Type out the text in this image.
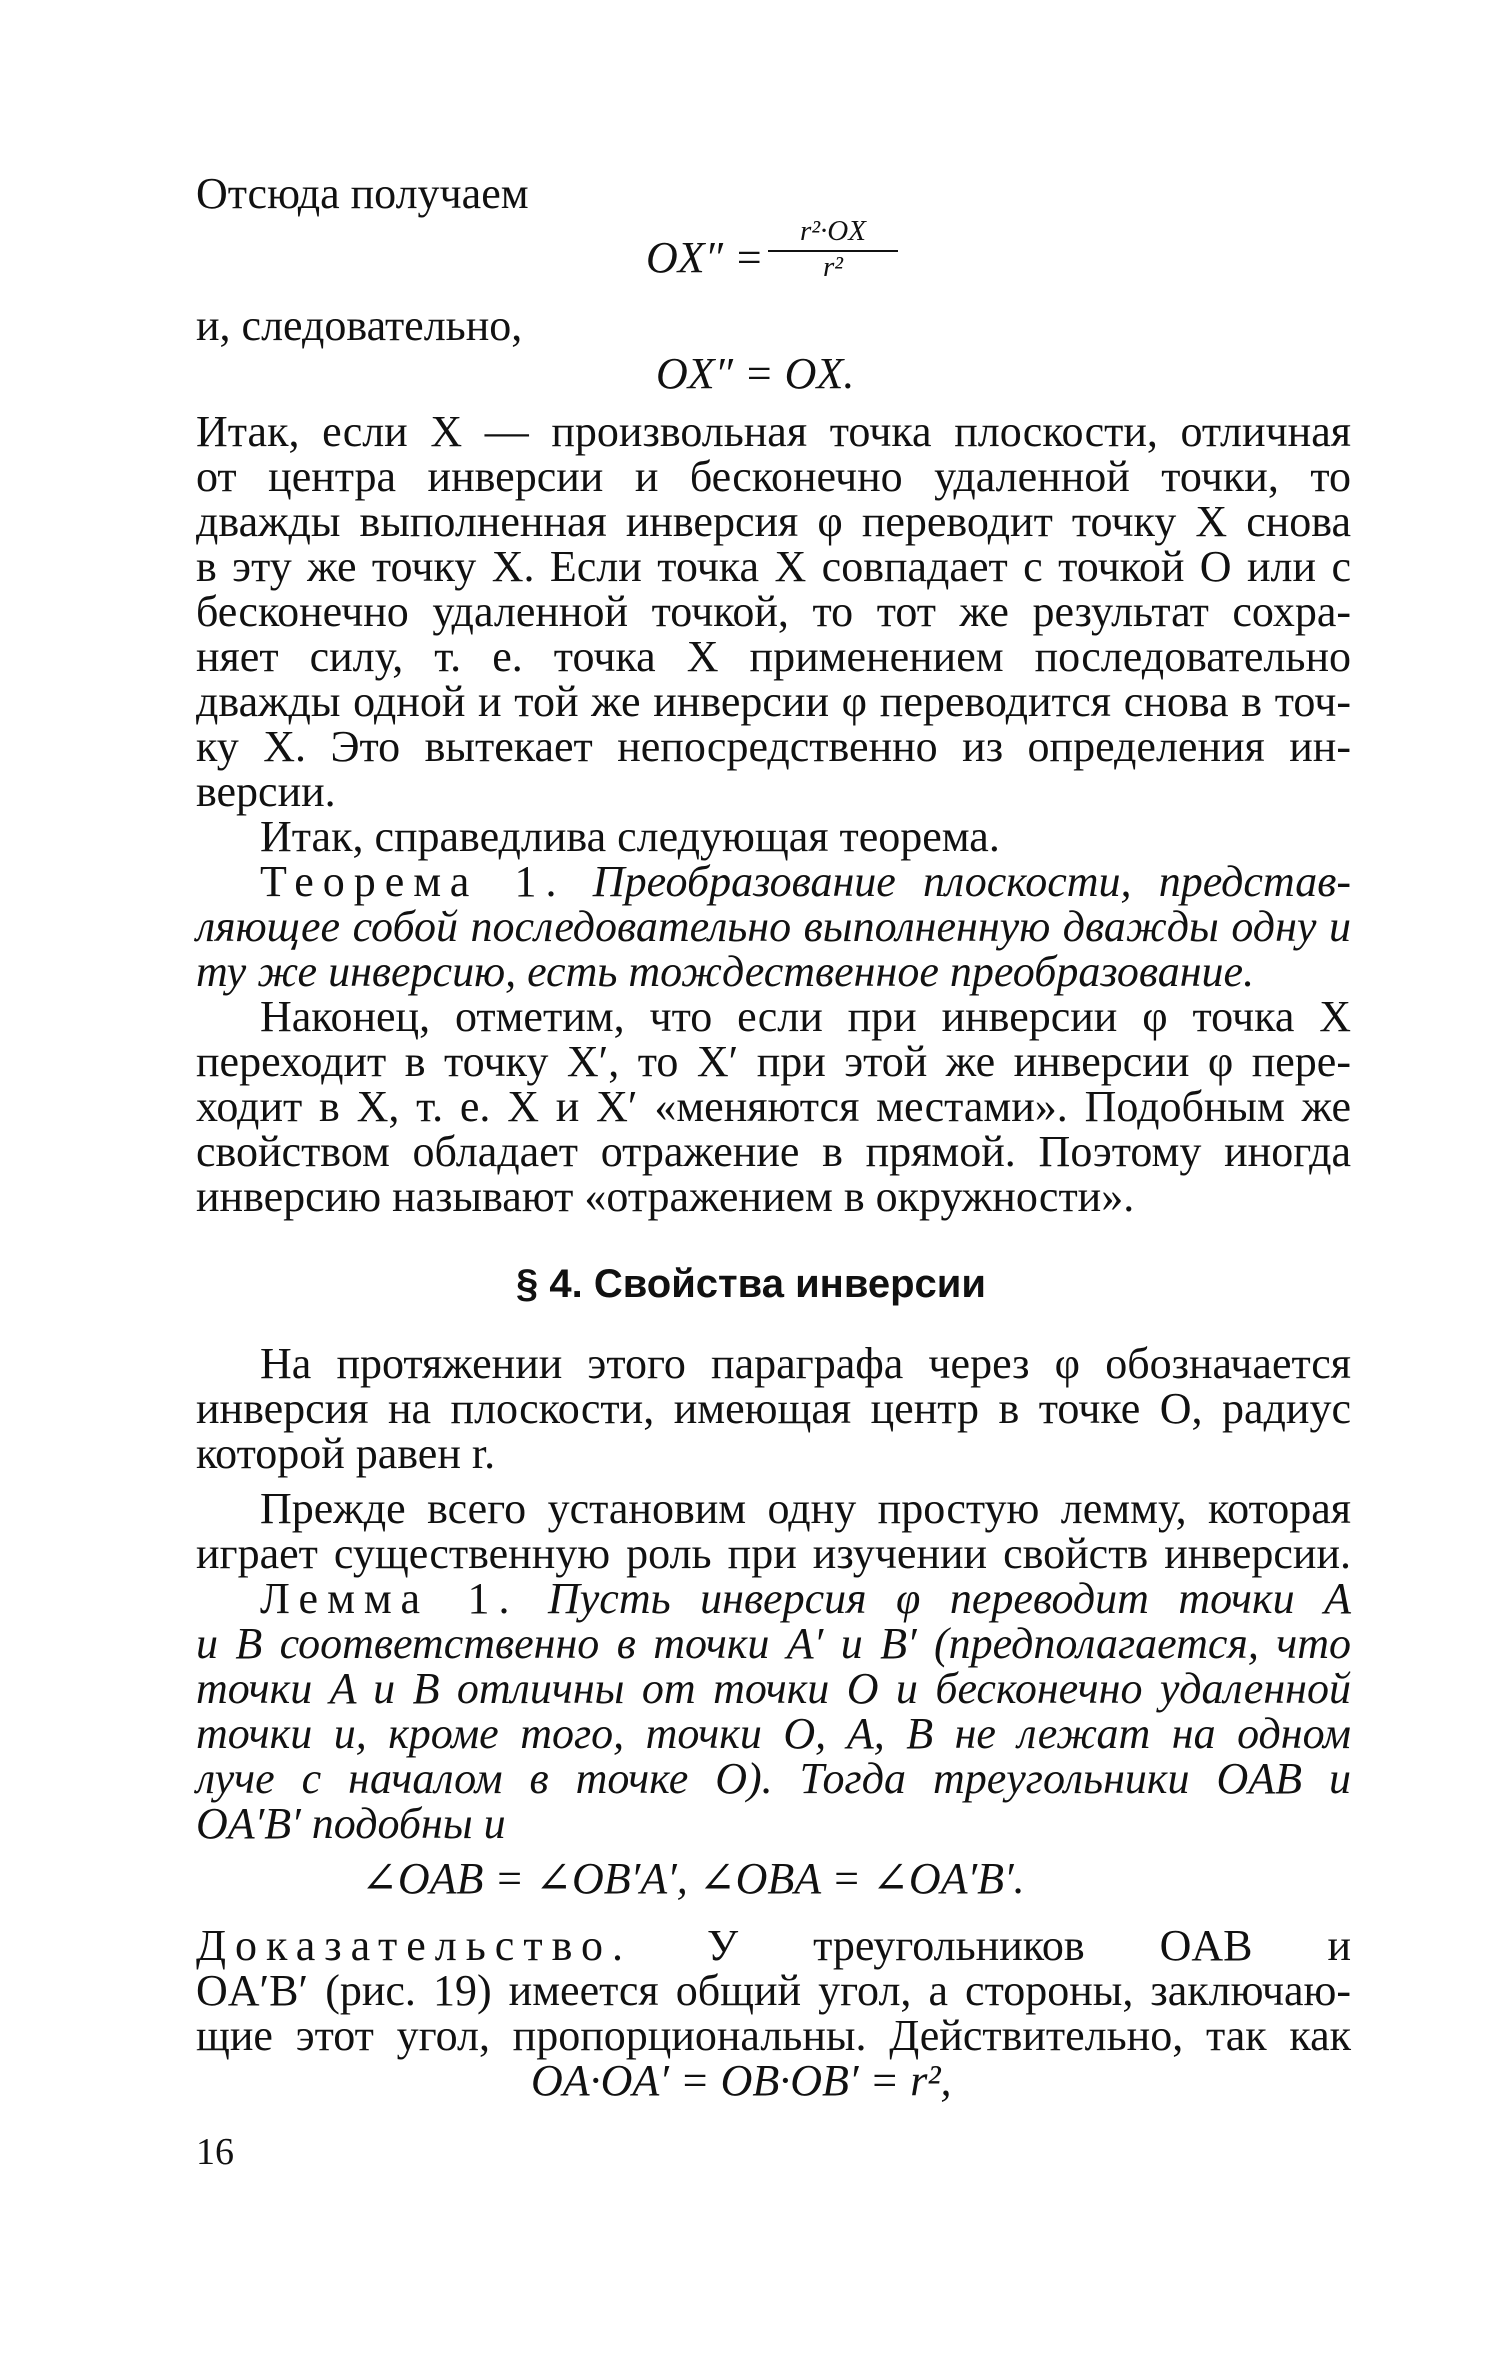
Отсюда получаем
OX″ =
r²·OX
r²
и, следовательно,
OX″ = OX.
Итак, если X — произвольная точка плоскости, отличная
от центра инверсии и бесконечно удаленной точки, то
дважды выполненная инверсия φ переводит точку X снова
в эту же точку X. Если точка X совпадает с точкой O или с
бесконечно удаленной точкой, то тот же результат сохра-
няет силу, т. е. точка X применением последовательно
дважды одной и той же инверсии φ переводится снова в точ-
ку X. Это вытекает непосредственно из определения ин-
версии.
Итак, справедлива следующая теорема.
Теорема 1. Преобразование плоскости, представ-
ляющее собой последовательно выполненную дважды одну и
ту же инверсию, есть тождественное преобразование.
Наконец, отметим, что если при инверсии φ точка X
переходит в точку X′, то X′ при этой же инверсии φ пере-
ходит в X, т. е. X и X′ «меняются местами». Подобным же
свойством обладает отражение в прямой. Поэтому иногда
инверсию называют «отражением в окружности».
§ 4. Свойства инверсии
На протяжении этого параграфа через φ обозначается
инверсия на плоскости, имеющая центр в точке O, радиус
которой равен r.
Прежде всего установим одну простую лемму, которая
играет существенную роль при изучении свойств инверсии.
Лемма 1. Пусть инверсия φ переводит точки A
и B соответственно в точки A′ и B′ (предполагается, что
точки A и B отличны от точки O и бесконечно удаленной
точки и, кроме того, точки O, A, B не лежат на одном
луче с началом в точке O). Тогда треугольники OAB и
OA′B′ подобны и
∠OAB = ∠OB′A′, ∠OBA = ∠OA′B′.
Доказательство. У треугольников OAB и
OA′B′ (рис. 19) имеется общий угол, а стороны, заключаю-
щие этот угол, пропорциональны. Действительно, так как
OA·OA′ = OB·OB′ = r²,
16
